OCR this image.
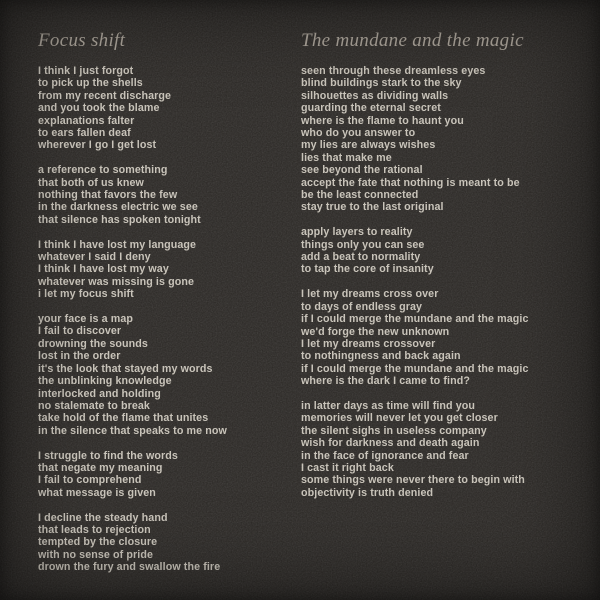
Focus shift
I think I just forgot
to pick up the shells
from my recent discharge
and you took the blame
explanations falter
to ears fallen deaf
wherever I go I get lost
a reference to something
that both of us knew
nothing that favors the few
in the darkness electric we see
that silence has spoken tonight
I think I have lost my language
whatever I said I deny
I think I have lost my way
whatever was missing is gone
i let my focus shift
your face is a map
I fail to discover
drowning the sounds
lost in the order
it's the look that stayed my words
the unblinking knowledge
interlocked and holding
no stalemate to break
take hold of the flame that unites
in the silence that speaks to me now
I struggle to find the words
that negate my meaning
I fail to comprehend
what message is given
I decline the steady hand
that leads to rejection
tempted by the closure
with no sense of pride
drown the fury and swallow the fire
The mundane and the magic
seen through these dreamless eyes
blind buildings stark to the sky
silhouettes as dividing walls
guarding the eternal secret
where is the flame to haunt you
who do you answer to
my lies are always wishes
lies that make me
see beyond the rational
accept the fate that nothing is meant to be
be the least connected
stay true to the last original
apply layers to reality
things only you can see
add a beat to normality
to tap the core of insanity
I let my dreams cross over
to days of endless gray
if I could merge the mundane and the magic
we'd forge the new unknown
I let my dreams crossover
to nothingness and back again
if I could merge the mundane and the magic
where is the dark I came to find?
in latter days as time will find you
memories will never let you get closer
the silent sighs in useless company
wish for darkness and death again
in the face of ignorance and fear
I cast it right back
some things were never there to begin with
objectivity is truth denied
